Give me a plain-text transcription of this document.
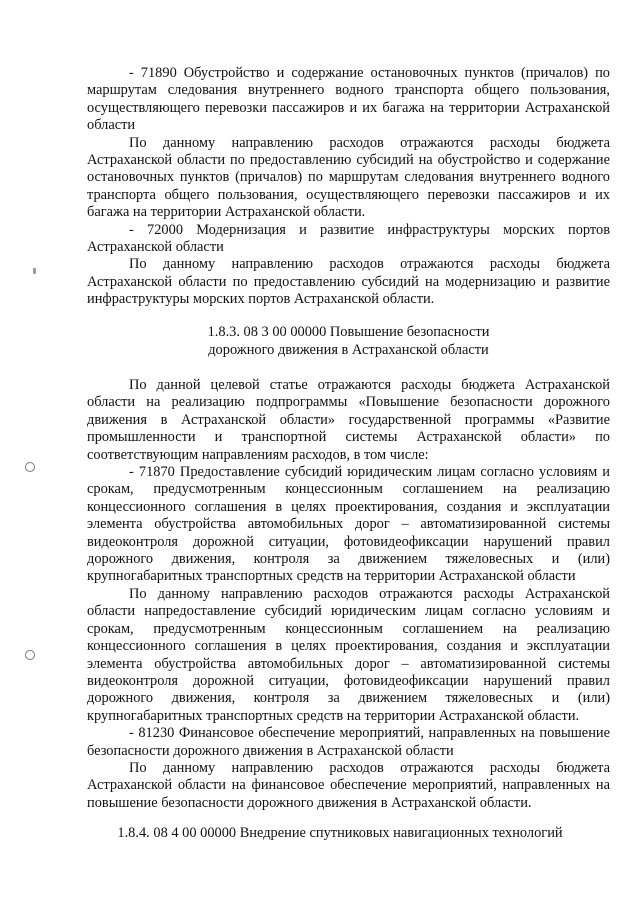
- 71890 Обустройство и содержание остановочных пунктов (причалов) по маршрутам следования внутреннего водного транспорта общего пользования, осуществляющего перевозки пассажиров и их багажа на территории Астраханской области

По данному направлению расходов отражаются расходы бюджета Астраханской области по предоставлению субсидий на обустройство и содержание остановочных пунктов (причалов) по маршрутам следования внутреннего водного транспорта общего пользования, осуществляющего перевозки пассажиров и их багажа на территории Астраханской области.

- 72000 Модернизация и развитие инфраструктуры морских портов Астраханской области

По данному направлению расходов отражаются расходы бюджета Астраханской области по предоставлению субсидий на модернизацию и развитие инфраструктуры морских портов Астраханской области.

1.8.3. 08 3 00 00000 Повышение безопасности
дорожного движения в Астраханской области

По данной целевой статье отражаются расходы бюджета Астраханской области на реализацию подпрограммы «Повышение безопасности дорожного движения в Астраханской области» государственной программы «Развитие промышленности и транспортной системы Астраханской области» по соответствующим направлениям расходов, в том числе:

- 71870 Предоставление субсидий юридическим лицам согласно условиям и срокам, предусмотренным концессионным соглашением на реализацию концессионного соглашения в целях проектирования, создания и эксплуатации элемента обустройства автомобильных дорог – автоматизированной системы видеоконтроля дорожной ситуации, фотовидеофиксации нарушений правил дорожного движения, контроля за движением тяжеловесных и (или) крупногабаритных транспортных средств на территории Астраханской области

По данному направлению расходов отражаются расходы Астраханской области напредоставление субсидий юридическим лицам согласно условиям и срокам, предусмотренным концессионным соглашением на реализацию концессионного соглашения в целях проектирования, создания и эксплуатации элемента обустройства автомобильных дорог – автоматизированной системы видеоконтроля дорожной ситуации, фотовидеофиксации нарушений правил дорожного движения, контроля за движением тяжеловесных и (или) крупногабаритных транспортных средств на территории Астраханской области.

- 81230 Финансовое обеспечение мероприятий, направленных на повышение безопасности дорожного движения в Астраханской области

По данному направлению расходов отражаются расходы бюджета Астраханской области на финансовое обеспечение мероприятий, направленных на повышение безопасности дорожного движения в Астраханской области.

1.8.4. 08 4 00 00000 Внедрение спутниковых навигационных технологий
